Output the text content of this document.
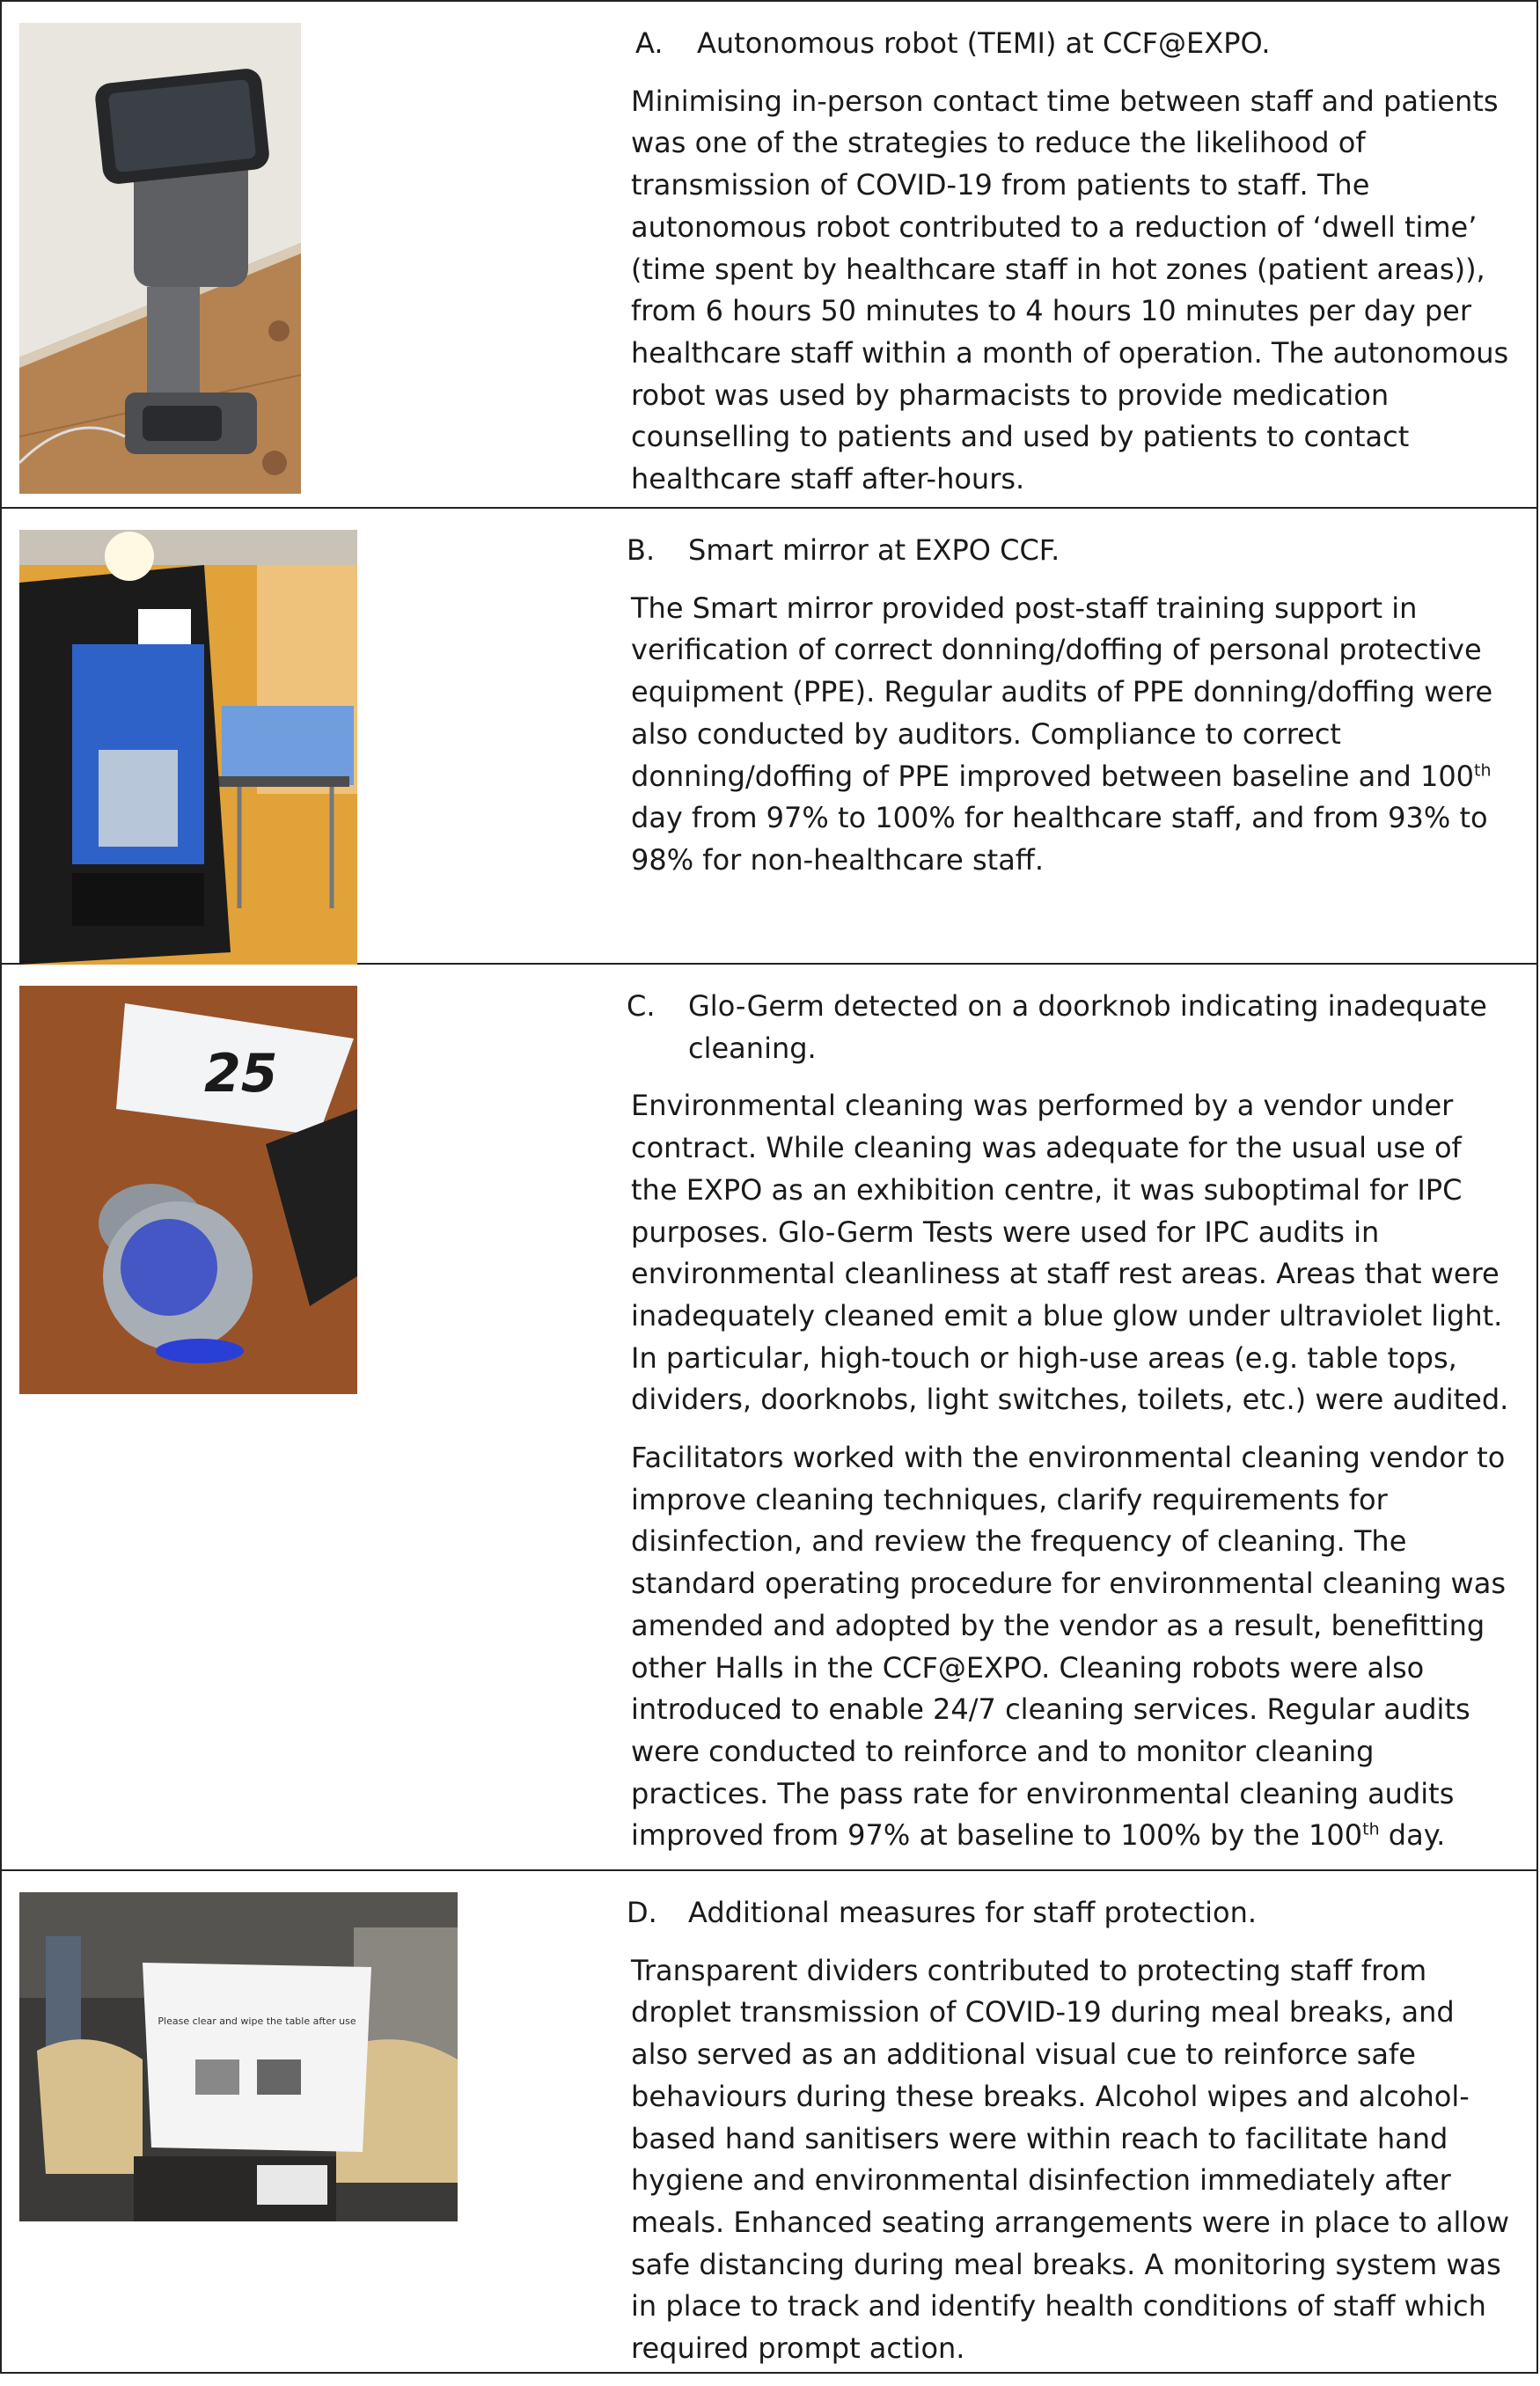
A.	Autonomous robot (TEMI) at CCF@EXPO.

Minimising in-person contact time between staff and patients was one of the strategies to reduce the likelihood of transmission of COVID-19 from patients to staff. The autonomous robot contributed to a reduction of ‘dwell time’ (time spent by healthcare staff in hot zones (patient areas)), from 6 hours 50 minutes to 4 hours 10 minutes per day per healthcare staff within a month of operation. The autonomous robot was used by pharmacists to provide medication counselling to patients and used by patients to contact healthcare staff after-hours.

B.	Smart mirror at EXPO CCF.

The Smart mirror provided post-staff training support in verification of correct donning/doffing of personal protective equipment (PPE). Regular audits of PPE donning/doffing were also conducted by auditors. Compliance to correct donning/doffing of PPE improved between baseline and 100th day from 97% to 100% for healthcare staff, and from 93% to 98% for non-healthcare staff.

25
C.	Glo-Germ detected on a doorknob indicating inadequate cleaning.

Environmental cleaning was performed by a vendor under contract. While cleaning was adequate for the usual use of the EXPO as an exhibition centre, it was suboptimal for IPC purposes. Glo-Germ Tests were used for IPC audits in environmental cleanliness at staff rest areas. Areas that were inadequately cleaned emit a blue glow under ultraviolet light. In particular, high-touch or high-use areas (e.g. table tops, dividers, doorknobs, light switches, toilets, etc.) were audited.

Facilitators worked with the environmental cleaning vendor to improve cleaning techniques, clarify requirements for disinfection, and review the frequency of cleaning. The standard operating procedure for environmental cleaning was amended and adopted by the vendor as a result, benefitting other Halls in the CCF@EXPO. Cleaning robots were also introduced to enable 24/7 cleaning services. Regular audits were conducted to reinforce and to monitor cleaning practices. The pass rate for environmental cleaning audits improved from 97% at baseline to 100% by the 100th day.

Please clear and wipe the table after use
D.	Additional measures for staff protection.

Transparent dividers contributed to protecting staff from droplet transmission of COVID-19 during meal breaks, and also served as an additional visual cue to reinforce safe behaviours during these breaks. Alcohol wipes and alcohol-based hand sanitisers were within reach to facilitate hand hygiene and environmental disinfection immediately after meals. Enhanced seating arrangements were in place to allow safe distancing during meal breaks. A monitoring system was in place to track and identify health conditions of staff which required prompt action.
